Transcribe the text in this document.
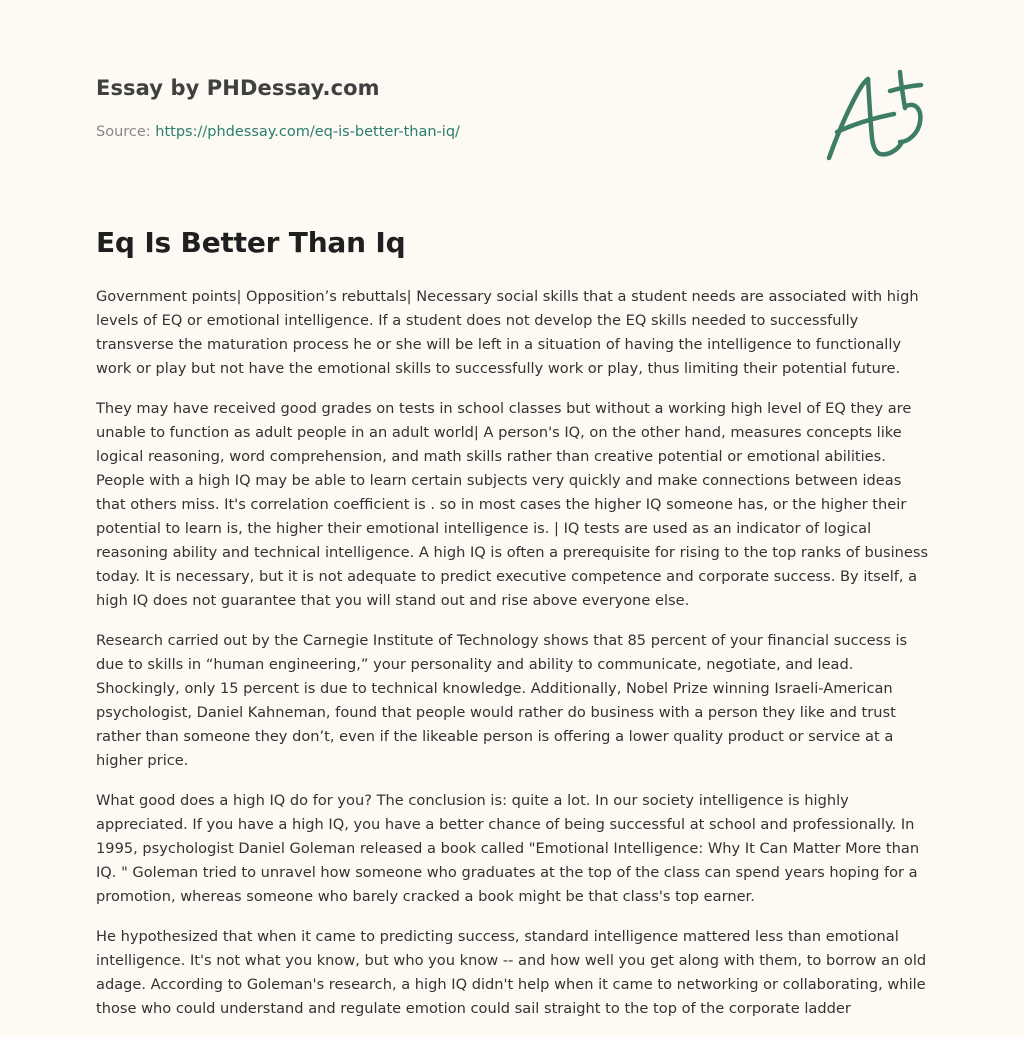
Essay by PHDessay.com
Source: https://phdessay.com/eq-is-better-than-iq/
Eq Is Better Than Iq

Government points| Opposition’s rebuttals| Necessary social skills that a student needs are associated with high levels of EQ or emotional intelligence. If a student does not develop the EQ skills needed to successfully transverse the maturation process he or she will be left in a situation of having the intelligence to functionally work or play but not have the emotional skills to successfully work or play, thus limiting their potential future.

They may have received good grades on tests in school classes but without a working high level of EQ they are unable to function as adult people in an adult world| A person's IQ, on the other hand, measures concepts like logical reasoning, word comprehension, and math skills rather than creative potential or emotional abilities. People with a high IQ may be able to learn certain subjects very quickly and make connections between ideas that others miss. It's correlation coefficient is . so in most cases the higher IQ someone has, or the higher their potential to learn is, the higher their emotional intelligence is. | IQ tests are used as an indicator of logical reasoning ability and technical intelligence. A high IQ is often a prerequisite for rising to the top ranks of business today. It is necessary, but it is not adequate to predict executive competence and corporate success. By itself, a high IQ does not guarantee that you will stand out and rise above everyone else.

Research carried out by the Carnegie Institute of Technology shows that 85 percent of your financial success is due to skills in “human engineering,” your personality and ability to communicate, negotiate, and lead. Shockingly, only 15 percent is due to technical knowledge. Additionally, Nobel Prize winning Israeli-American psychologist, Daniel Kahneman, found that people would rather do business with a person they like and trust rather than someone they don’t, even if the likeable person is offering a lower quality product or service at a higher price.

What good does a high IQ do for you? The conclusion is: quite a lot. In our society intelligence is highly appreciated. If you have a high IQ, you have a better chance of being successful at school and professionally. In 1995, psychologist Daniel Goleman released a book called "Emotional Intelligence: Why It Can Matter More than IQ. " Goleman tried to unravel how someone who graduates at the top of the class can spend years hoping for a promotion, whereas someone who barely cracked a book might be that class's top earner.

He hypothesized that when it came to predicting success, standard intelligence mattered less than emotional intelligence. It's not what you know, but who you know -- and how well you get along with them, to borrow an old adage. According to Goleman's research, a high IQ didn't help when it came to networking or collaborating, while those who could understand and regulate emotion could sail straight to the top of the corporate ladder
